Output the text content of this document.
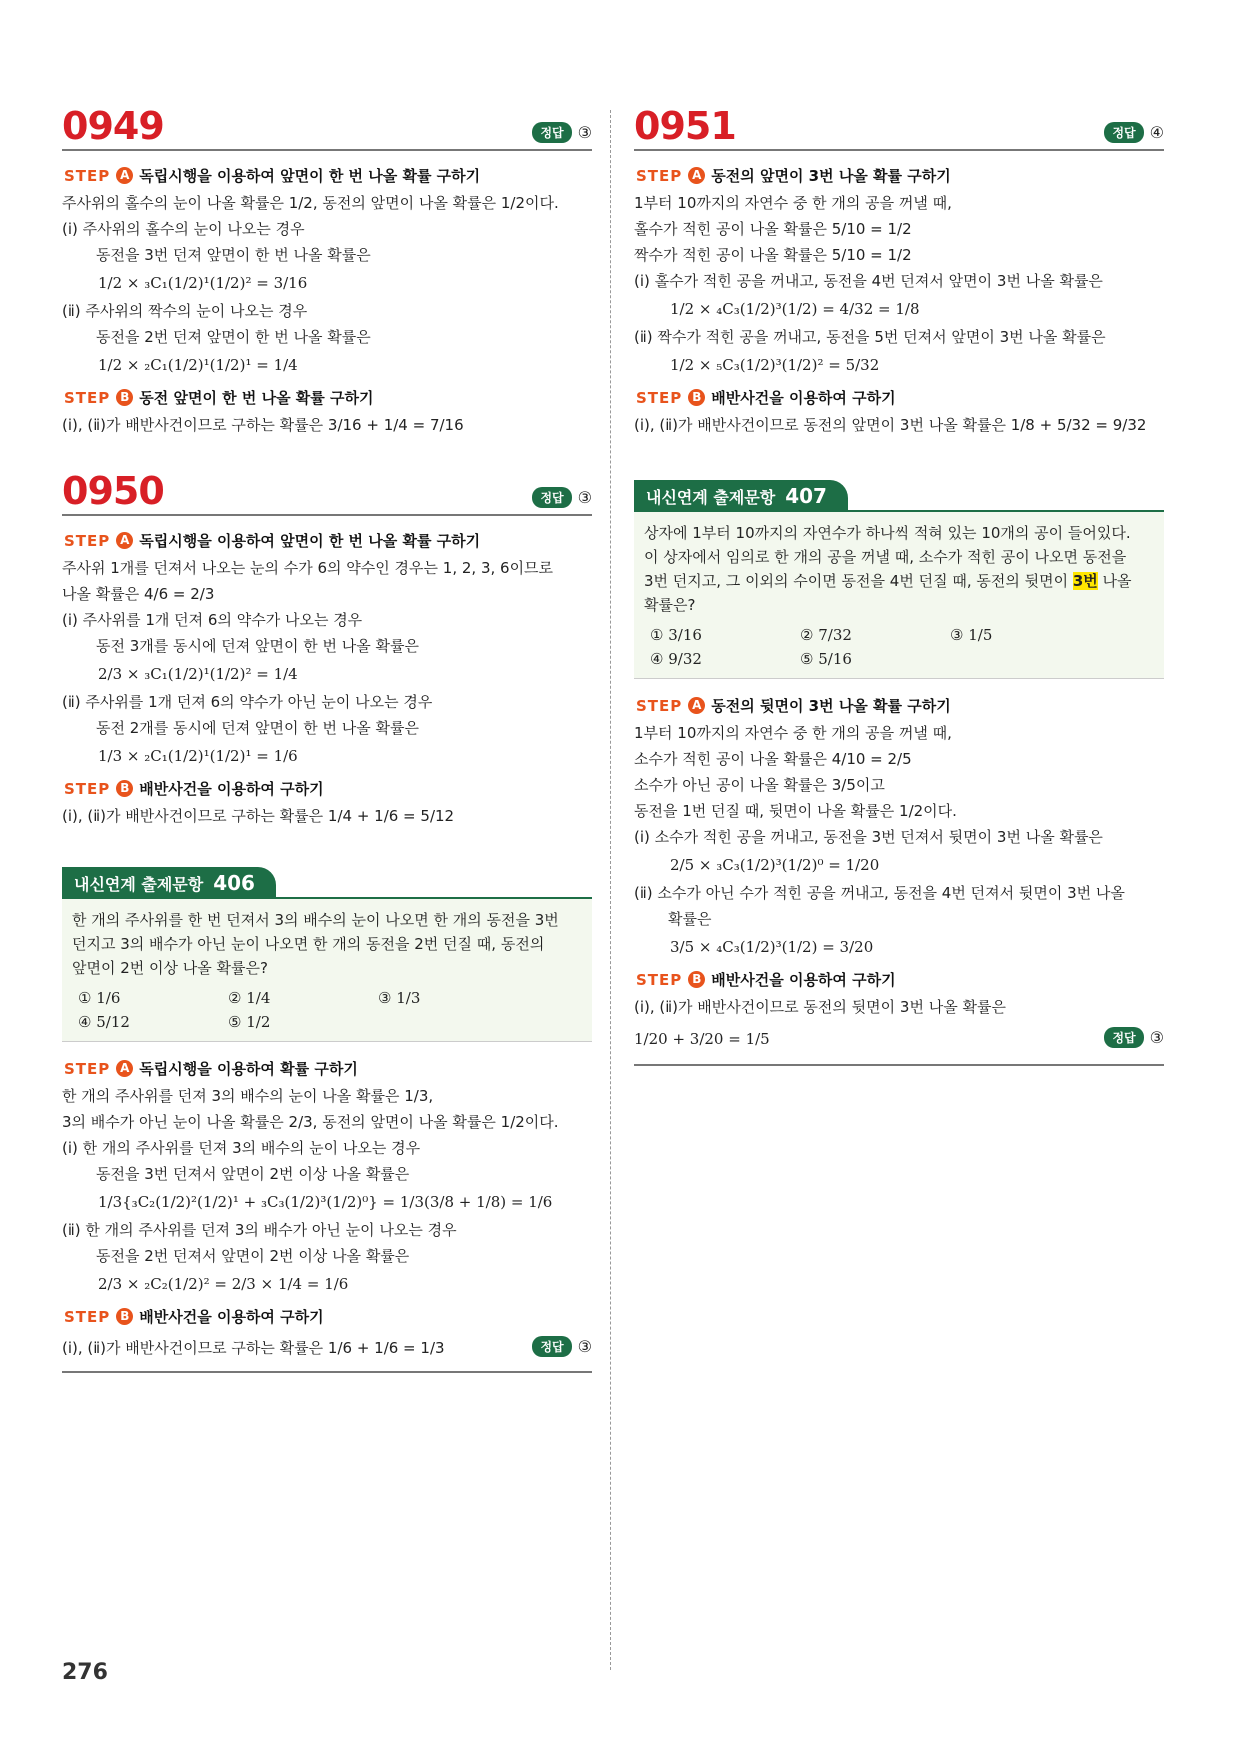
0949	정답 ③
STEP A 독립시행을 이용하여 앞면이 한 번 나올 확률 구하기
주사위의 홀수의 눈이 나올 확률은 1/2, 동전의 앞면이 나올 확률은 1/2이다.
(ⅰ) 주사위의 홀수의 눈이 나오는 경우
동전을 3번 던져 앞면이 한 번 나올 확률은
1/2 × ₃C₁(1/2)¹(1/2)² = 3/16
(ⅱ) 주사위의 짝수의 눈이 나오는 경우
동전을 2번 던져 앞면이 한 번 나올 확률은
1/2 × ₂C₁(1/2)¹(1/2)¹ = 1/4
STEP B 동전 앞면이 한 번 나올 확률 구하기
(ⅰ), (ⅱ)가 배반사건이므로 구하는 확률은 3/16 + 1/4 = 7/16
0950	정답 ③
STEP A 독립시행을 이용하여 앞면이 한 번 나올 확률 구하기
주사위 1개를 던져서 나오는 눈의 수가 6의 약수인 경우는 1, 2, 3, 6이므로
나올 확률은 4/6 = 2/3
(ⅰ) 주사위를 1개 던져 6의 약수가 나오는 경우
동전 3개를 동시에 던져 앞면이 한 번 나올 확률은
2/3 × ₃C₁(1/2)¹(1/2)² = 1/4
(ⅱ) 주사위를 1개 던져 6의 약수가 아닌 눈이 나오는 경우
동전 2개를 동시에 던져 앞면이 한 번 나올 확률은
1/3 × ₂C₁(1/2)¹(1/2)¹ = 1/6
STEP B 배반사건을 이용하여 구하기
(ⅰ), (ⅱ)가 배반사건이므로 구하는 확률은 1/4 + 1/6 = 5/12
내신연계 출제문항 406
한 개의 주사위를 한 번 던져서 3의 배수의 눈이 나오면 한 개의 동전을 3번
던지고 3의 배수가 아닌 눈이 나오면 한 개의 동전을 2번 던질 때, 동전의
앞면이 2번 이상 나올 확률은?
① 1/6	② 1/4	③ 1/3
④ 5/12	⑤ 1/2
STEP A 독립시행을 이용하여 확률 구하기
한 개의 주사위를 던져 3의 배수의 눈이 나올 확률은 1/3,
3의 배수가 아닌 눈이 나올 확률은 2/3, 동전의 앞면이 나올 확률은 1/2이다.
(ⅰ) 한 개의 주사위를 던져 3의 배수의 눈이 나오는 경우
동전을 3번 던져서 앞면이 2번 이상 나올 확률은
1/3{₃C₂(1/2)²(1/2)¹ + ₃C₃(1/2)³(1/2)⁰} = 1/3(3/8 + 1/8) = 1/6
(ⅱ) 한 개의 주사위를 던져 3의 배수가 아닌 눈이 나오는 경우
동전을 2번 던져서 앞면이 2번 이상 나올 확률은
2/3 × ₂C₂(1/2)² = 2/3 × 1/4 = 1/6
STEP B 배반사건을 이용하여 구하기
(ⅰ), (ⅱ)가 배반사건이므로 구하는 확률은 1/6 + 1/6 = 1/3	정답 ③
0951	정답 ④
STEP A 동전의 앞면이 3번 나올 확률 구하기
1부터 10까지의 자연수 중 한 개의 공을 꺼낼 때,
홀수가 적힌 공이 나올 확률은 5/10 = 1/2
짝수가 적힌 공이 나올 확률은 5/10 = 1/2
(ⅰ) 홀수가 적힌 공을 꺼내고, 동전을 4번 던져서 앞면이 3번 나올 확률은
1/2 × ₄C₃(1/2)³(1/2) = 4/32 = 1/8
(ⅱ) 짝수가 적힌 공을 꺼내고, 동전을 5번 던져서 앞면이 3번 나올 확률은
1/2 × ₅C₃(1/2)³(1/2)² = 5/32
STEP B 배반사건을 이용하여 구하기
(ⅰ), (ⅱ)가 배반사건이므로 동전의 앞면이 3번 나올 확률은 1/8 + 5/32 = 9/32
내신연계 출제문항 407
상자에 1부터 10까지의 자연수가 하나씩 적혀 있는 10개의 공이 들어있다.
이 상자에서 임의로 한 개의 공을 꺼낼 때, 소수가 적힌 공이 나오면 동전을
3번 던지고, 그 이외의 수이면 동전을 4번 던질 때, 동전의 뒷면이 3번 나올
확률은?
① 3/16	② 7/32	③ 1/5
④ 9/32	⑤ 5/16
STEP A 동전의 뒷면이 3번 나올 확률 구하기
1부터 10까지의 자연수 중 한 개의 공을 꺼낼 때,
소수가 적힌 공이 나올 확률은 4/10 = 2/5
소수가 아닌 공이 나올 확률은 3/5이고
동전을 1번 던질 때, 뒷면이 나올 확률은 1/2이다.
(ⅰ) 소수가 적힌 공을 꺼내고, 동전을 3번 던져서 뒷면이 3번 나올 확률은
2/5 × ₃C₃(1/2)³(1/2)⁰ = 1/20
(ⅱ) 소수가 아닌 수가 적힌 공을 꺼내고, 동전을 4번 던져서 뒷면이 3번 나올
확률은
3/5 × ₄C₃(1/2)³(1/2) = 3/20
STEP B 배반사건을 이용하여 구하기
(ⅰ), (ⅱ)가 배반사건이므로 동전의 뒷면이 3번 나올 확률은
1/20 + 3/20 = 1/5	정답 ③
276
